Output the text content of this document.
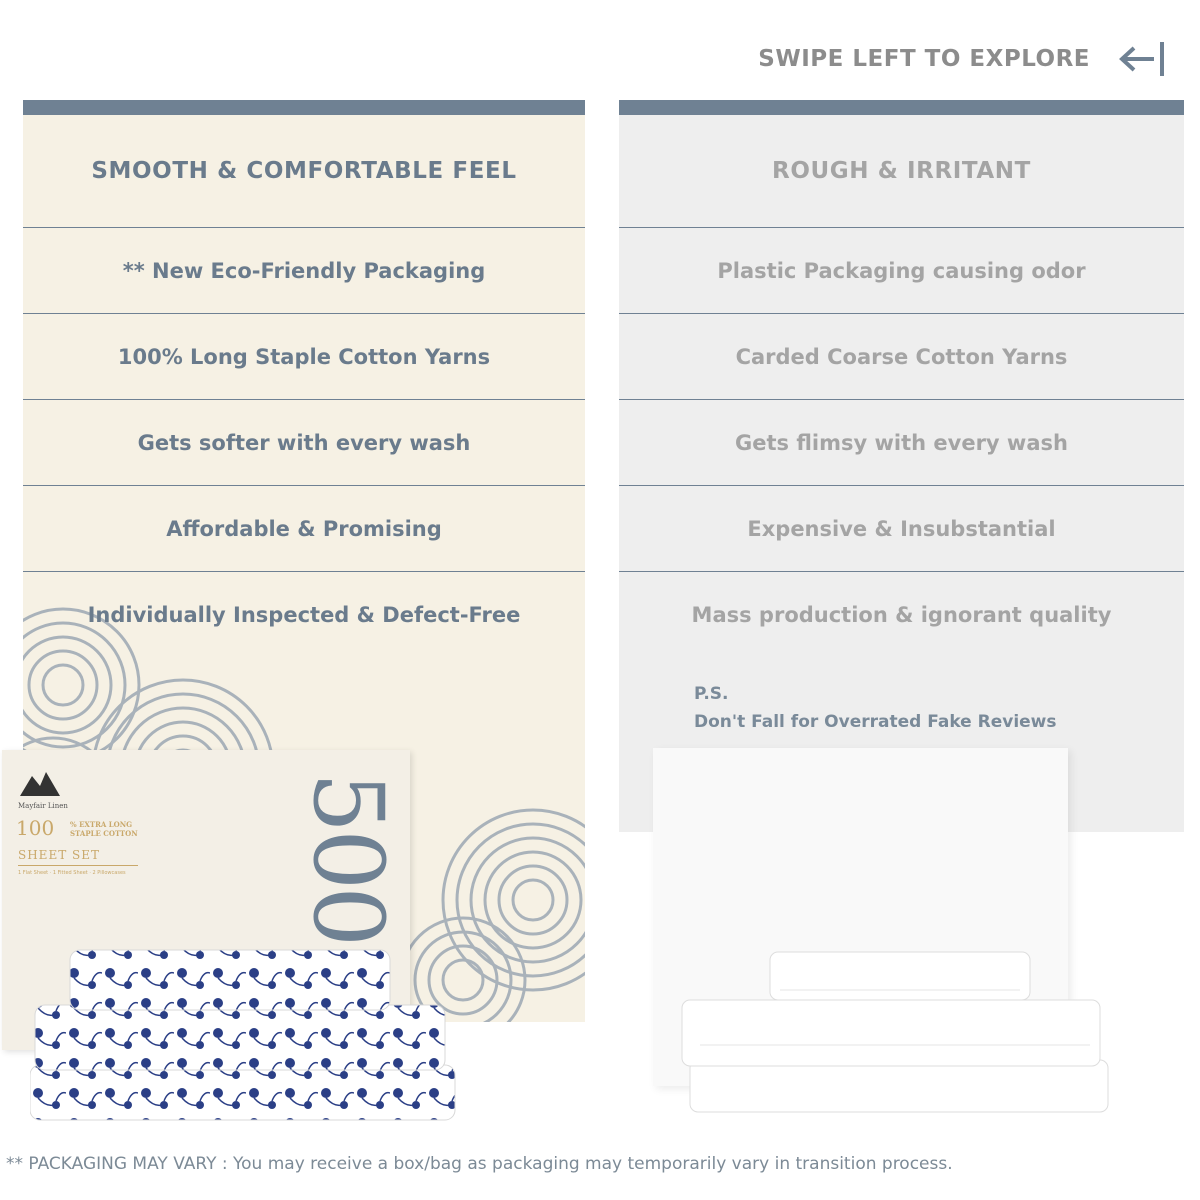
SWIPE LEFT TO EXPLORE
SMOOTH & COMFORTABLE FEEL
** New Eco-Friendly Packaging
100% Long Staple Cotton Yarns
Gets softer with every wash
Affordable & Promising
Individually Inspected & Defect-Free
ROUGH & IRRITANT
Plastic Packaging causing odor
Carded Coarse Cotton Yarns
Gets flimsy with every wash
Expensive & Insubstantial
Mass production & ignorant quality
P.S.
Don't Fall for Overrated Fake Reviews
Mayfair Linen
100 % EXTRA LONG
STAPLE COTTON
SHEET SET
1 Flat Sheet · 1 Fitted Sheet · 2 Pillowcases 500
** PACKAGING MAY VARY : You may receive a box/bag as packaging may temporarily vary in transition process.
